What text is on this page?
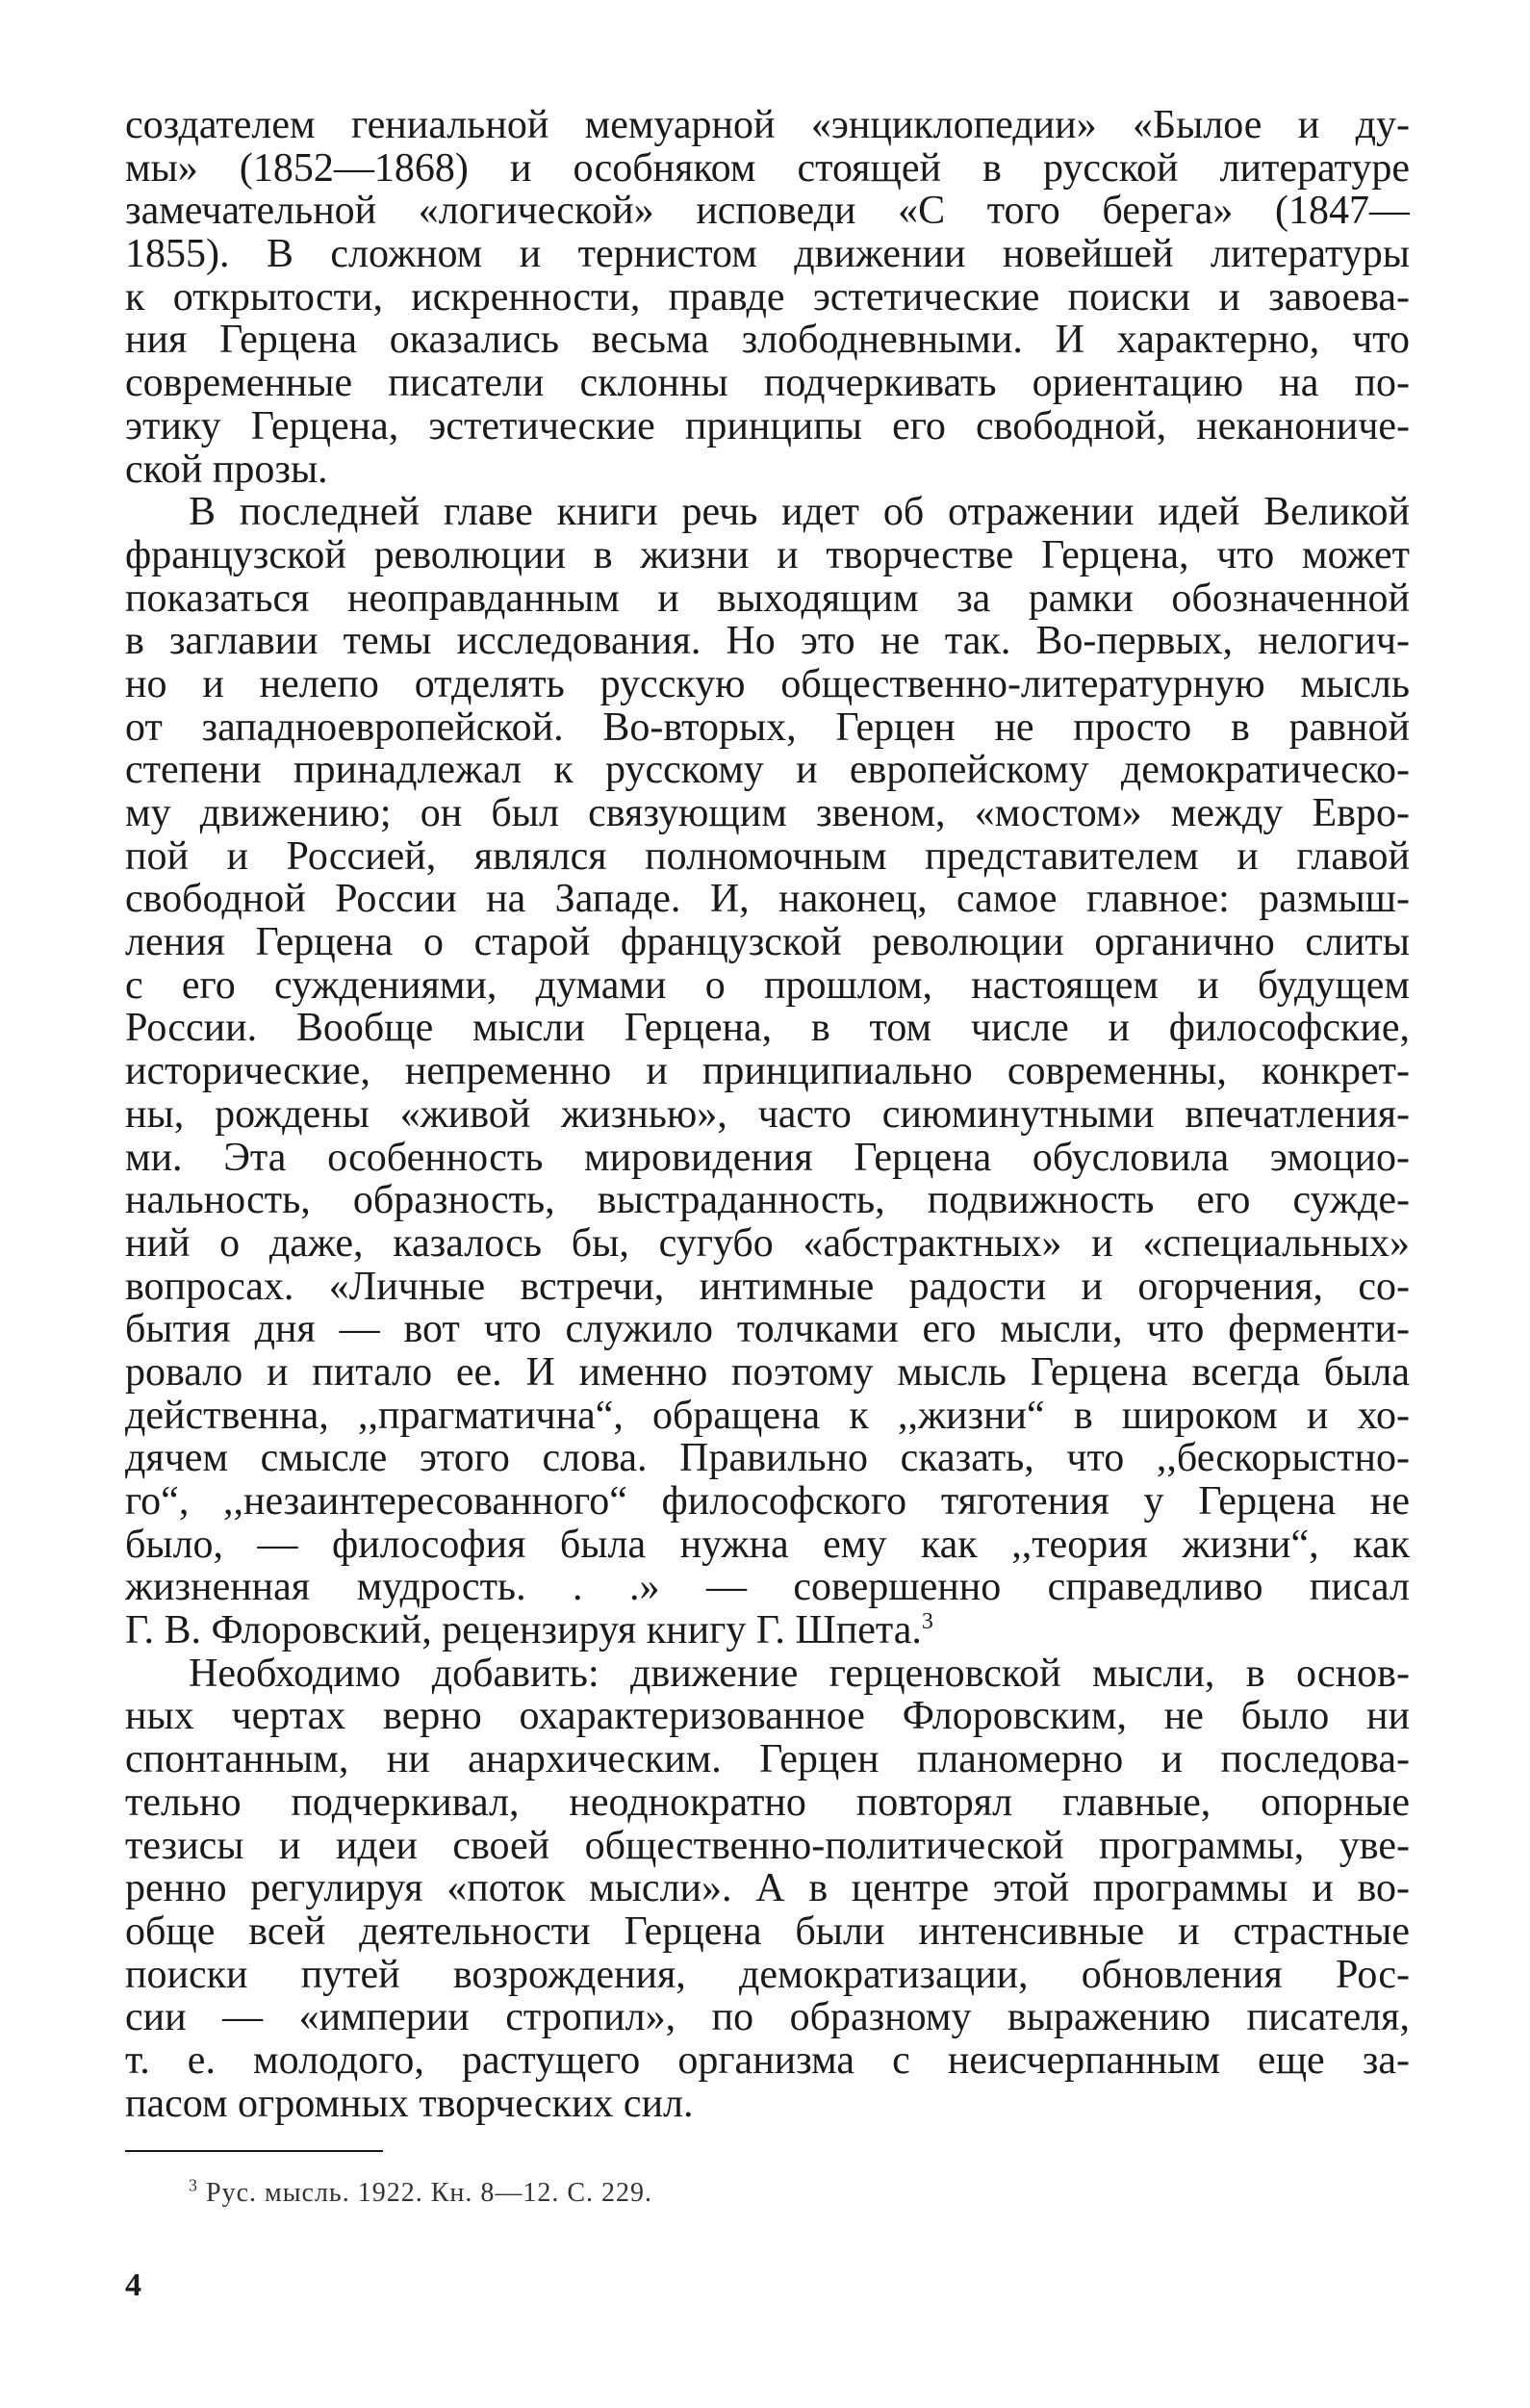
создателем гениальной мемуарной «энциклопедии» «Былое и ду-
мы» (1852—1868) и особняком стоящей в русской литературе
замечательной «логической» исповеди «С того берега» (1847—
1855). В сложном и тернистом движении новейшей литературы
к открытости, искренности, правде эстетические поиски и завоева-
ния Герцена оказались весьма злободневными. И характерно, что
современные писатели склонны подчеркивать ориентацию на по-
этику Герцена, эстетические принципы его свободной, неканониче-
ской прозы.
В последней главе книги речь идет об отражении идей Великой
французской революции в жизни и творчестве Герцена, что может
показаться неоправданным и выходящим за рамки обозначенной
в заглавии темы исследования. Но это не так. Во-первых, нелогич-
но и нелепо отделять русскую общественно-литературную мысль
от западноевропейской. Во-вторых, Герцен не просто в равной
степени принадлежал к русскому и европейскому демократическо-
му движению; он был связующим звеном, «мостом» между Евро-
пой и Россией, являлся полномочным представителем и главой
свободной России на Западе. И, наконец, самое главное: размыш-
ления Герцена о старой французской революции органично слиты
с его суждениями, думами о прошлом, настоящем и будущем
России. Вообще мысли Герцена, в том числе и философские,
исторические, непременно и принципиально современны, конкрет-
ны, рождены «живой жизнью», часто сиюминутными впечатления-
ми. Эта особенность мировидения Герцена обусловила эмоцио-
нальность, образность, выстраданность, подвижность его сужде-
ний о даже, казалось бы, сугубо «абстрактных» и «специальных»
вопросах. «Личные встречи, интимные радости и огорчения, со-
бытия дня — вот что служило толчками его мысли, что ферменти-
ровало и питало ее. И именно поэтому мысль Герцена всегда была
действенна, ,,прагматична“, обращена к ,,жизни“ в широком и хо-
дячем смысле этого слова. Правильно сказать, что ,,бескорыстно-
го“, ,,незаинтересованного“ философского тяготения у Герцена не
было, — философия была нужна ему как ,,теория жизни“, как
жизненная мудрость. . .» — совершенно справедливо писал
Г. В. Флоровский, рецензируя книгу Г. Шпета.$^3$
Необходимо добавить: движение герценовской мысли, в основ-
ных чертах верно охарактеризованное Флоровским, не было ни
спонтанным, ни анархическим. Герцен планомерно и последова-
тельно подчеркивал, неоднократно повторял главные, опорные
тезисы и идеи своей общественно-политической программы, уве-
ренно регулируя «поток мысли». А в центре этой программы и во-
обще всей деятельности Герцена были интенсивные и страстные
поиски путей возрождения, демократизации, обновления Рос-
сии — «империи стропил», по образному выражению писателя,
т. е. молодого, растущего организма с неисчерпанным еще за-
пасом огромных творческих сил.
$^3$ Рус. мысль. 1922. Кн. 8—12. С. 229.
4
